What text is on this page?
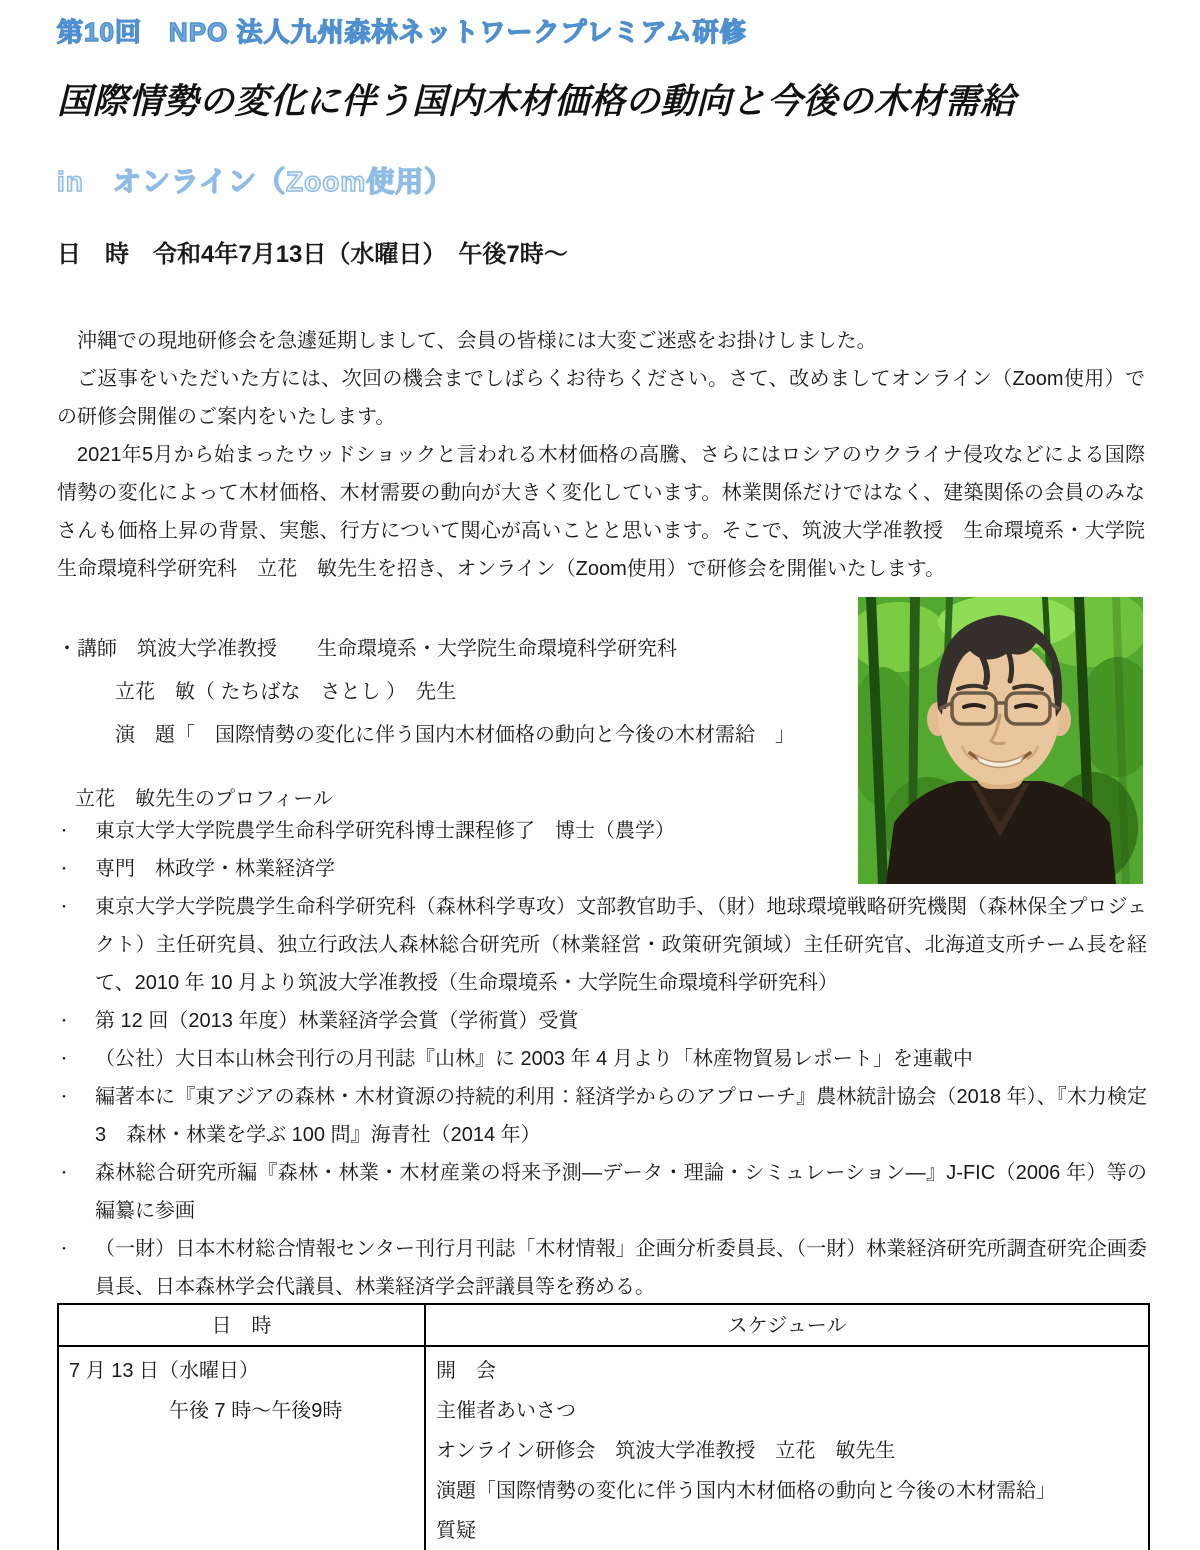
第10回　NPO 法人九州森林ネットワークプレミアム研修
国際情勢の変化に伴う国内木材価格の動向と今後の木材需給
in　オンライン（Zoom使用）
日　時　令和4年7月13日（水曜日）　午後7時～

沖縄での現地研修会を急遽延期しまして、会員の皆様には大変ご迷惑をお掛けしました。

ご返事をいただいた方には、次回の機会までしばらくお待ちください。さて、改めましてオンライン（Zoom使用）での研修会開催のご案内をいたします。

2021年5月から始まったウッドショックと言われる木材価格の高騰、さらにはロシアのウクライナ侵攻などによる国際情勢の変化によって木材価格、木材需要の動向が大きく変化しています。林業関係だけではなく、建築関係の会員のみなさんも価格上昇の背景、実態、行方について関心が高いことと思います。そこで、筑波大学准教授　生命環境系・大学院生命環境科学研究科　立花　敏先生を招き、オンライン（Zoom使用）で研修会を開催いたします。

・講師　筑波大学准教授　　生命環境系・大学院生命環境科学研究科
立花　敏（ たちばな　さとし ）　先生
演　題「　国際情勢の変化に伴う国内木材価格の動向と今後の木材需給　」
立花　敏先生のプロフィール
・	東京大学大学院農学生命科学研究科博士課程修了　博士（農学）
・	専門　林政学・林業経済学
・	東京大学大学院農学生命科学研究科（森林科学専攻）文部教官助手、（財）地球環境戦略研究機関（森林保全プロジェクト）主任研究員、独立行政法人森林総合研究所（林業経営・政策研究領域）主任研究官、北海道支所チーム長を経て、2010 年 10 月より筑波大学准教授（生命環境系・大学院生命環境科学研究科）
・	第 12 回（2013 年度）林業経済学会賞（学術賞）受賞
・	（公社）大日本山林会刊行の月刊誌『山林』に 2003 年 4 月より「林産物貿易レポート」を連載中
・	編著本に『東アジアの森林・木材資源の持続的利用：経済学からのアプローチ』農林統計協会（2018 年）、『木力検定 3　森林・林業を学ぶ 100 問』海青社（2014 年）
・	森林総合研究所編『森林・林業・木材産業の将来予測―データ・理論・シミュレーション―』J-FIC（2006 年）等の編纂に参画
・	（一財）日本木材総合情報センター刊行月刊誌「木材情報」企画分析委員長、（一財）林業経済研究所調査研究企画委員長、日本森林学会代議員、林業経済学会評議員等を務める。
日　時	スケジュール

7 月 13 日（水曜日）
午後 7 時～午後9時

開　会
主催者あいさつ
オンライン研修会　筑波大学准教授　立花　敏先生
演題「国際情勢の変化に伴う国内木材価格の動向と今後の木材需給」
質疑
